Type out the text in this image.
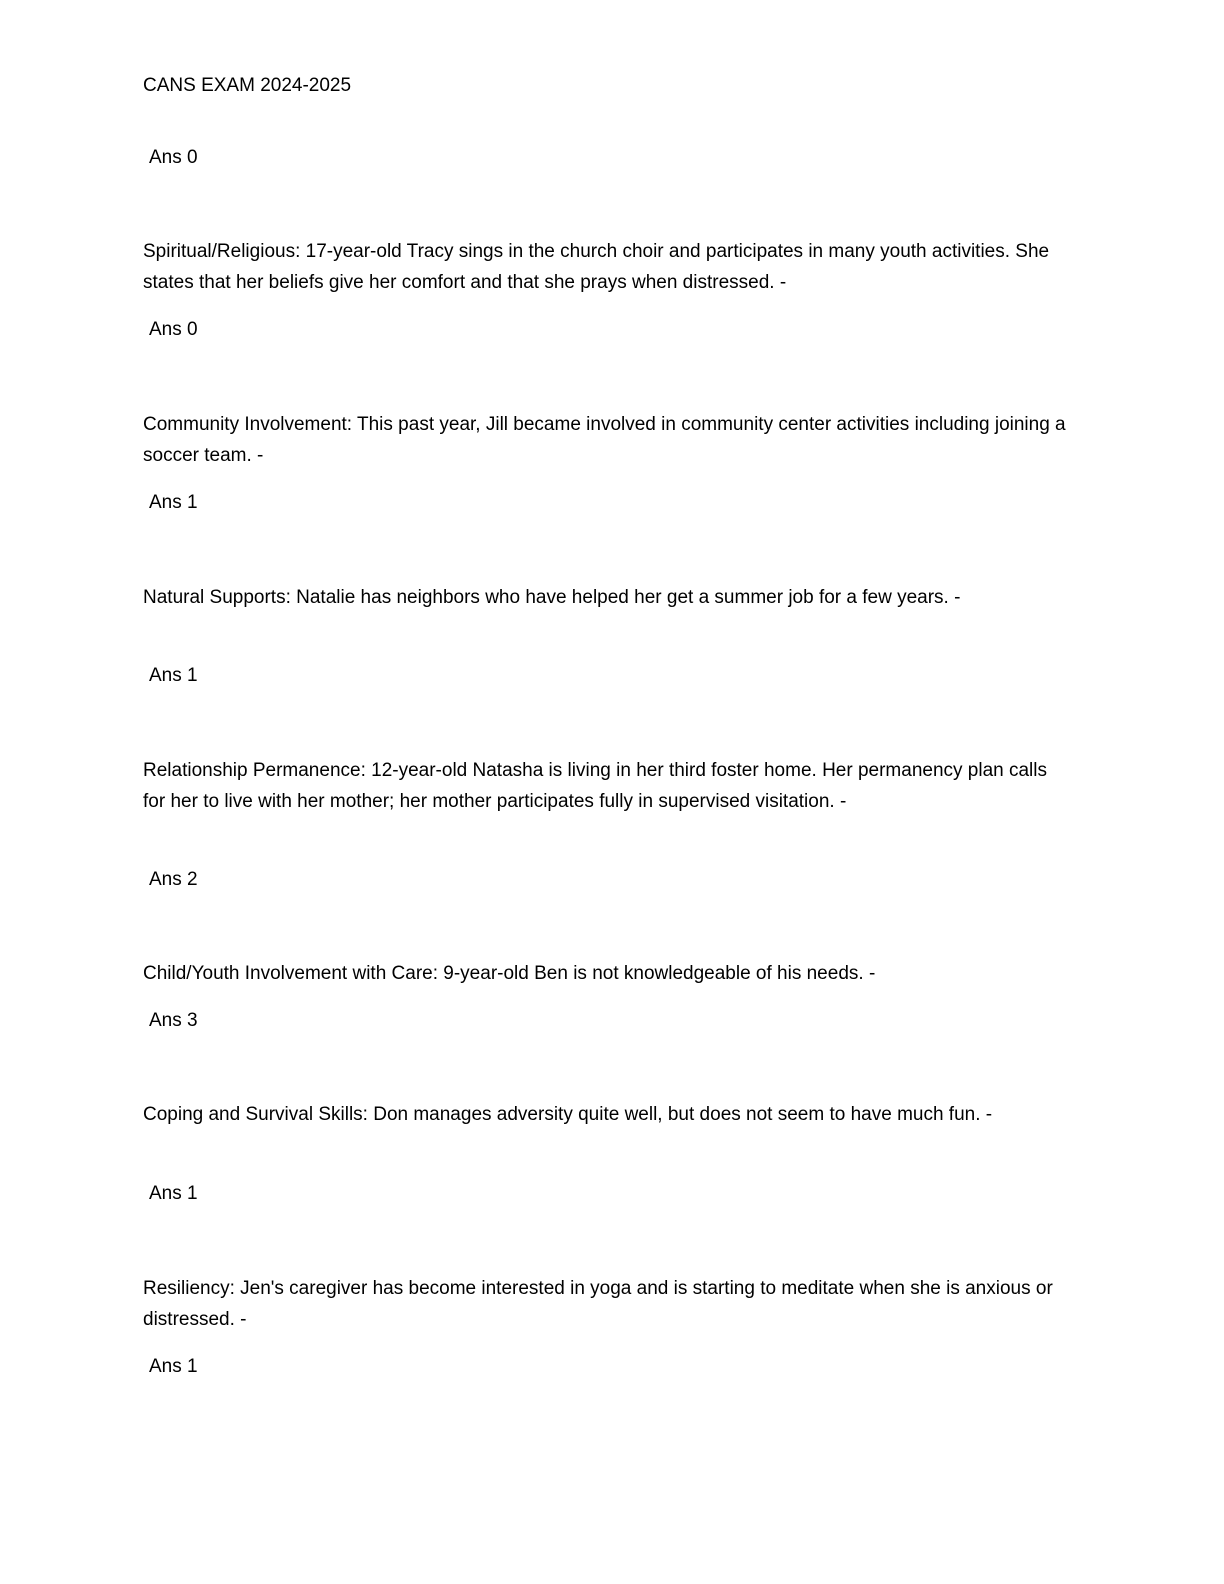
CANS EXAM 2024-2025
Ans 0
Spiritual/Religious: 17-year-old Tracy sings in the church choir and participates in many youth activities. She states that her beliefs give her comfort and that she prays when distressed. -
Ans 0
Community Involvement: This past year, Jill became involved in community center activities including joining a soccer team. -
Ans 1
Natural Supports: Natalie has neighbors who have helped her get a summer job for a few years. -
Ans 1
Relationship Permanence: 12-year-old Natasha is living in her third foster home. Her permanency plan calls for her to live with her mother; her mother participates fully in supervised visitation. -
Ans 2
Child/Youth Involvement with Care: 9-year-old Ben is not knowledgeable of his needs. -
Ans 3
Coping and Survival Skills: Don manages adversity quite well, but does not seem to have much fun. -
Ans 1
Resiliency: Jen's caregiver has become interested in yoga and is starting to meditate when she is anxious or distressed. -
Ans 1
